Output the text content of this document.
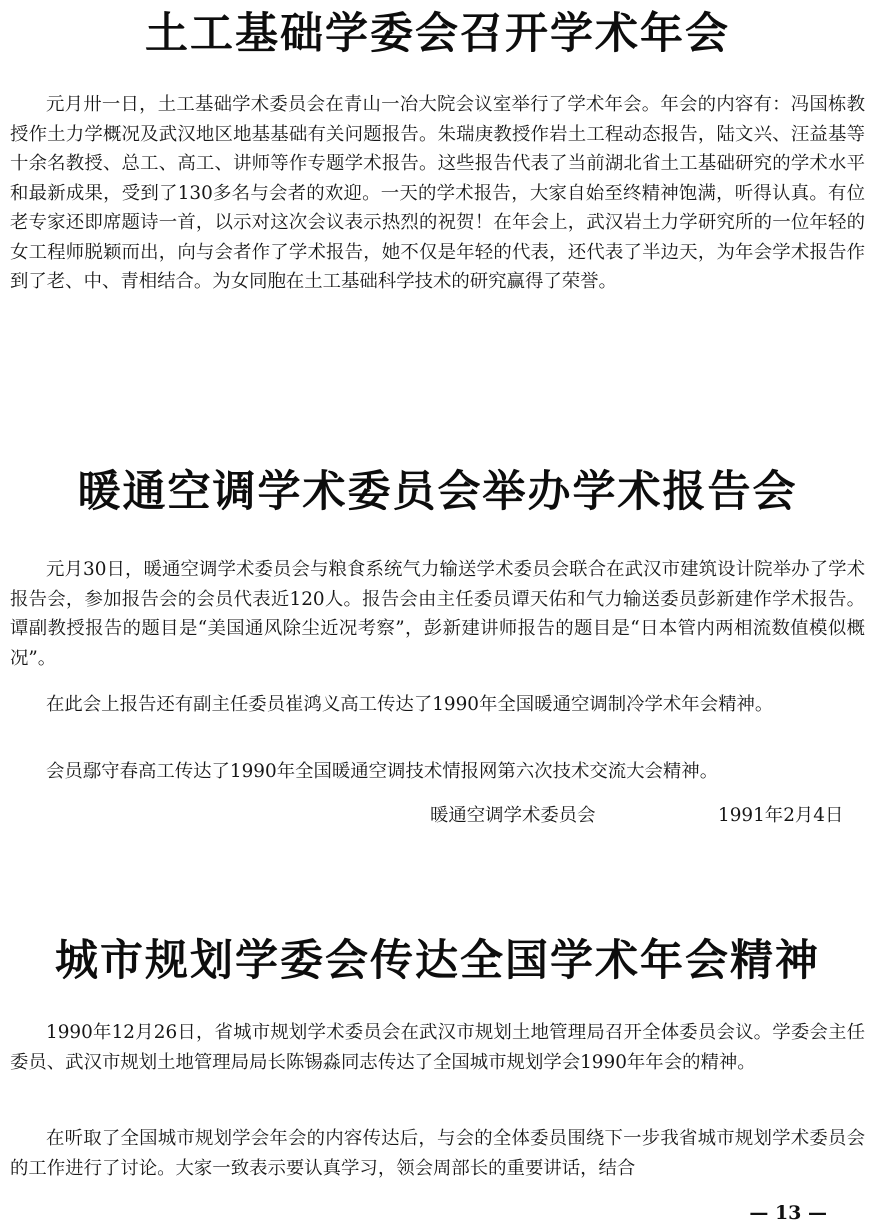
土工基础学委会召开学术年会

元月卅一日，土工基础学术委员会在青山一冶大院会议室举行了学术年会。年会的内容有：冯国栋教授作土力学概况及武汉地区地基基础有关问题报告。朱瑞庚教授作岩土工程动态报告，陆文兴、汪益基等十余名教授、总工、高工、讲师等作专题学术报告。这些报告代表了当前湖北省土工基础研究的学术水平和最新成果，受到了130多名与会者的欢迎。一天的学术报告，大家自始至终精神饱满，听得认真。有位老专家还即席题诗一首，以示对这次会议表示热烈的祝贺！在年会上，武汉岩土力学研究所的一位年轻的女工程师脱颖而出，向与会者作了学术报告，她不仅是年轻的代表，还代表了半边天，为年会学术报告作到了老、中、青相结合。为女同胞在土工基础科学技术的研究赢得了荣誉。

暖通空调学术委员会举办学术报告会

元月30日，暖通空调学术委员会与粮食系统气力输送学术委员会联合在武汉市建筑设计院举办了学术报告会，参加报告会的会员代表近120人。报告会由主任委员谭天佑和气力输送委员彭新建作学术报告。谭副教授报告的题目是“美国通风除尘近况考察”，彭新建讲师报告的题目是“日本管内两相流数值模似概况”。

在此会上报告还有副主任委员崔鸿义高工传达了1990年全国暖通空调制冷学术年会精神。

会员鄢守春高工传达了1990年全国暖通空调技术情报网第六次技术交流大会精神。

暖通空调学术委员会	1991年2月4日
城市规划学委会传达全国学术年会精神

1990年12月26日，省城市规划学术委员会在武汉市规划土地管理局召开全体委员会议。学委会主任委员、武汉市规划土地管理局局长陈锡淼同志传达了全国城市规划学会1990年年会的精神。

在听取了全国城市规划学会年会的内容传达后，与会的全体委员围绕下一步我省城市规划学术委员会的工作进行了讨论。大家一致表示要认真学习，领会周部长的重要讲话，结合

— 13 —
